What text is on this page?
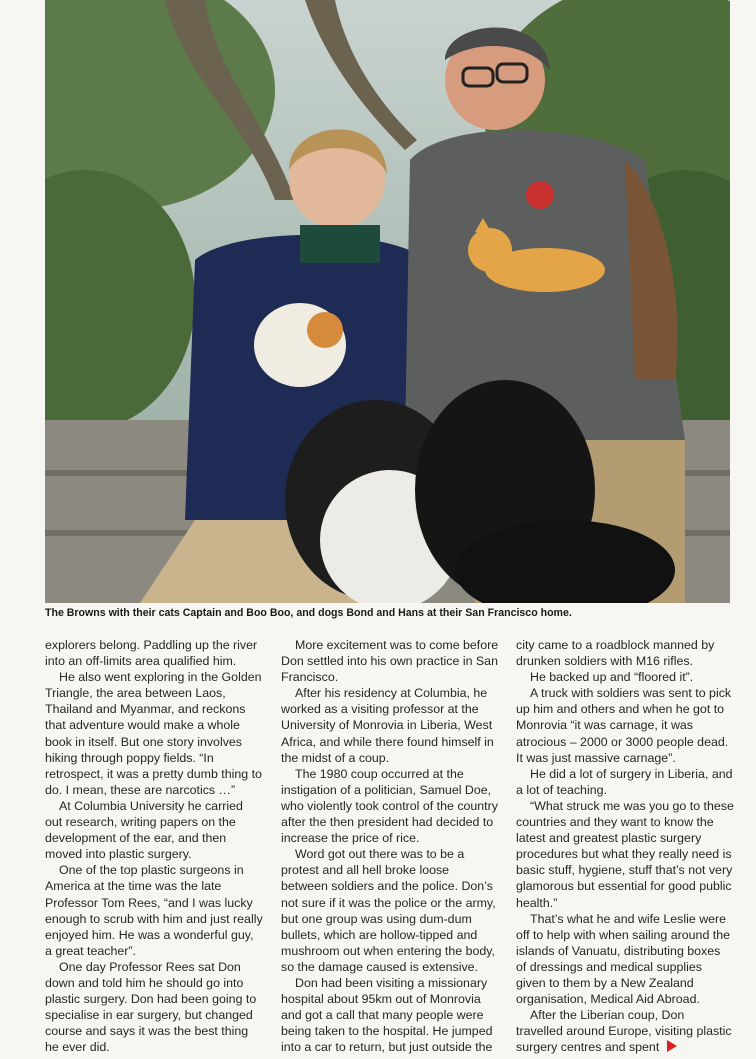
The Browns with their cats Captain and Boo Boo, and dogs Bond and Hans at their San Francisco home.

explorers belong. Paddling up the river into an off-limits area qualified him.

He also went exploring in the Golden Triangle, the area between Laos, Thailand and Myanmar, and reckons that adventure would make a whole book in itself. But one story involves hiking through poppy fields. “In retrospect, it was a pretty dumb thing to do. I mean, these are narcotics …”

At Columbia University he carried out research, writing papers on the development of the ear, and then moved into plastic surgery.

One of the top plastic surgeons in America at the time was the late Professor Tom Rees, “and I was lucky enough to scrub with him and just really enjoyed him. He was a wonderful guy, a great teacher”.

One day Professor Rees sat Don down and told him he should go into plastic surgery. Don had been going to specialise in ear surgery, but changed course and says it was the best thing he ever did.

More excitement was to come before Don settled into his own practice in San Francisco.

After his residency at Columbia, he worked as a visiting professor at the University of Monrovia in Liberia, West Africa, and while there found himself in the midst of a coup.

The 1980 coup occurred at the instigation of a politician, Samuel Doe, who violently took control of the country after the then president had decided to increase the price of rice.

Word got out there was to be a protest and all hell broke loose between soldiers and the police. Don’s not sure if it was the police or the army, but one group was using dum-dum bullets, which are hollow-tipped and mushroom out when entering the body, so the damage caused is extensive.

Don had been visiting a missionary hospital about 95km out of Monrovia and got a call that many people were being taken to the hospital. He jumped into a car to return, but just outside the

city came to a roadblock manned by drunken soldiers with M16 rifles.

He backed up and “floored it”.

A truck with soldiers was sent to pick up him and others and when he got to Monrovia “it was carnage, it was atrocious – 2000 or 3000 people dead. It was just massive carnage”.

He did a lot of surgery in Liberia, and a lot of teaching.

“What struck me was you go to these countries and they want to know the latest and greatest plastic surgery procedures but what they really need is basic stuff, hygiene, stuff that’s not very glamorous but essential for good public health.”

That’s what he and wife Leslie were off to help with when sailing around the islands of Vanuatu, distributing boxes of dressings and medical supplies given to them by a New Zealand organisation, Medical Aid Abroad.

After the Liberian coup, Don travelled around Europe, visiting plastic surgery centres and spent
